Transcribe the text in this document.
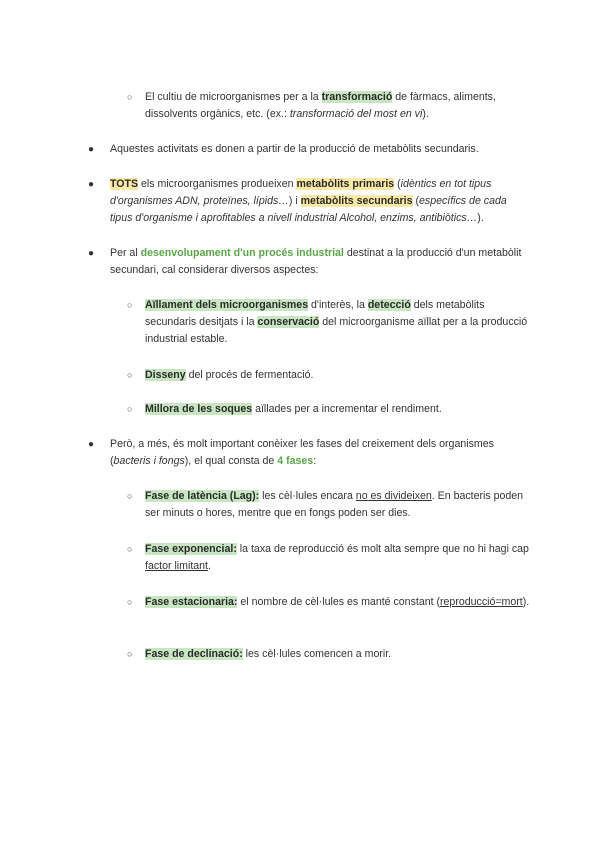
○ El cultiu de microorganismes per a la transformació de fàrmacs, aliments, dissolvents orgànics, etc. (ex.: transformació del most en vi).

● Aquestes activitats es donen a partir de la producció de metabòlits secundaris.

● TOTS els microorganismes produeixen metabòlits primaris (idèntics en tot tipus d'organismes ADN, proteïnes, lípids…) i metabòlits secundaris (específics de cada tipus d'organisme i aprofitables a nivell industrial Alcohol, enzims, antibiòtics…).

● Per al desenvolupament d'un procés industrial destinat a la producció d'un metabòlit secundari, cal considerar diversos aspectes:

○ Aïllament dels microorganismes d'interès, la detecció dels metabòlits secundaris desitjats i la conservació del microorganisme aïllat per a la producció industrial estable.

○ Disseny del procés de fermentació.

○ Millora de les soques aïllades per a incrementar el rendiment.

● Però, a més, és molt important conèixer les fases del creixement dels organismes (bacteris i fongs), el qual consta de 4 fases:

○ Fase de latència (Lag): les cèl·lules encara no es divideixen. En bacteris poden ser minuts o hores, mentre que en fongs poden ser dies.

○ Fase exponencial: la taxa de reproducció és molt alta sempre que no hi hagi cap factor limitant.

○ Fase estacionaria: el nombre de cèl·lules es manté constant (reproducció=mort).

○ Fase de declinació: les cèl·lules comencen a morir.
